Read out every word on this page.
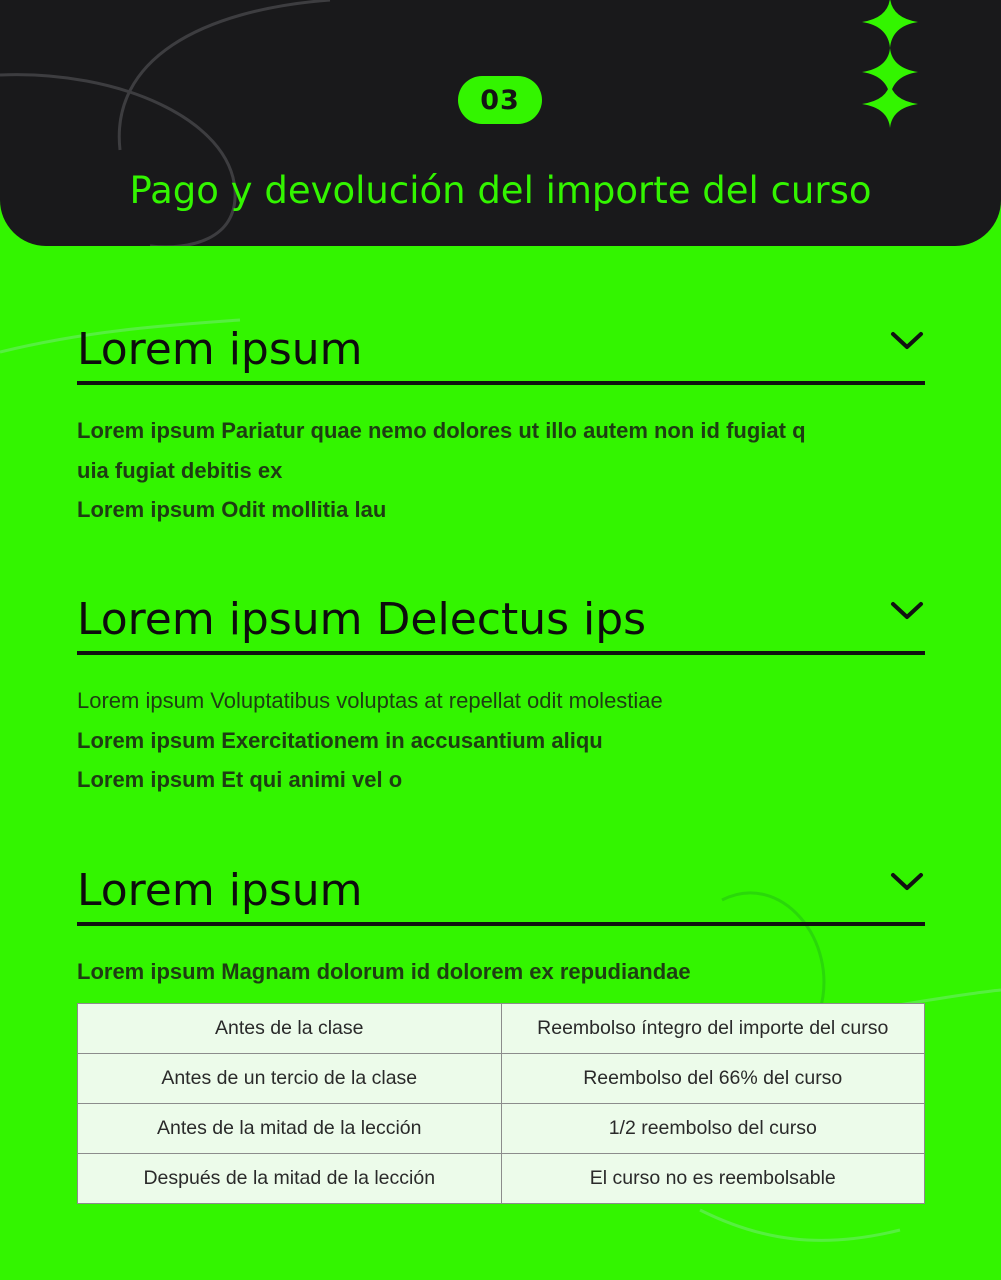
03
Pago y devolución del importe del curso
Lorem ipsum
Lorem ipsum Pariatur quae nemo dolores ut illo autem non id fugiat q
uia fugiat debitis ex
Lorem ipsum Odit mollitia lau
Lorem ipsum Delectus ips
Lorem ipsum Voluptatibus voluptas at repellat odit molestiae
Lorem ipsum Exercitationem in accusantium aliqu
Lorem ipsum Et qui animi vel o
Lorem ipsum
Lorem ipsum Magnam dolorum id dolorem ex repudiandae
Antes de la clase	Reembolso íntegro del importe del curso
Antes de un tercio de la clase	Reembolso del 66% del curso
Antes de la mitad de la lección	1/2 reembolso del curso
Después de la mitad de la lección	El curso no es reembolsable
